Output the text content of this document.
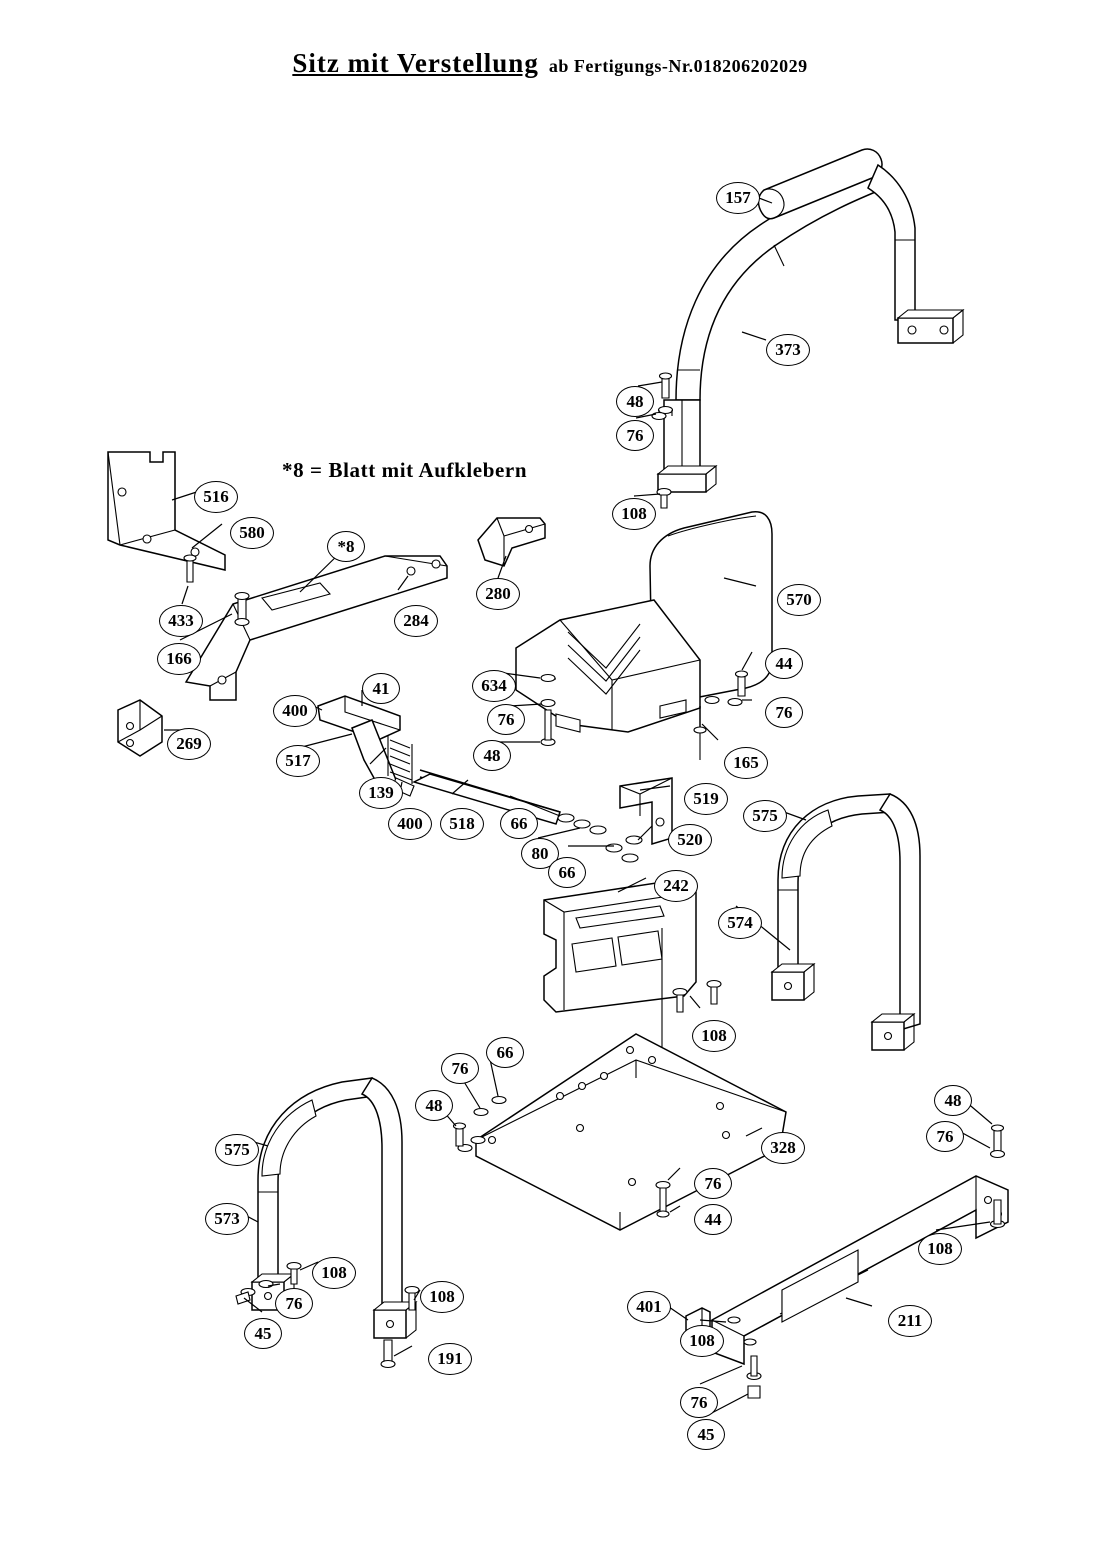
Sitz mit Verstellung ab Fertigungs-Nr.018206202029
*8 = Blatt mit Aufklebern
157
373
48
76
108
516
580
*8
284
433
166
280	570
634
76
48
44
76
165
269
41
400
517
139
400	518	66
80
66
519
520
575
574
242
108
66
76
48
328
76
44
48
76
108
211
401
108
76
45
575
573
108
76
45
108
191
